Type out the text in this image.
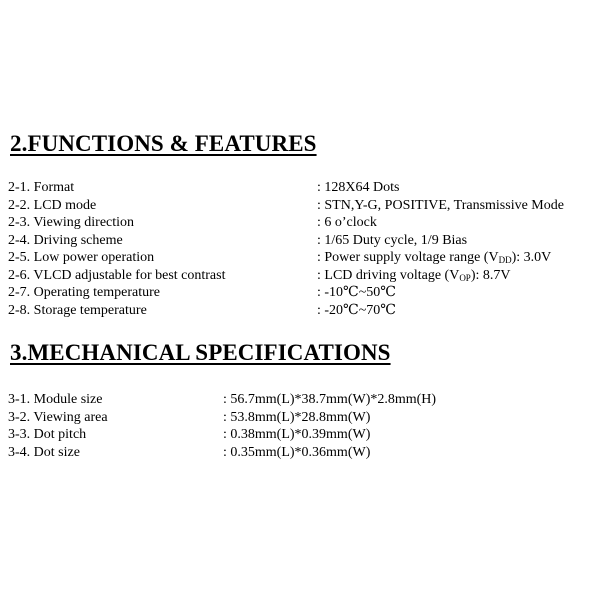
2.FUNCTIONS & FEATURES
2-1. Format	: 128X64 Dots
2-2. LCD mode	: STN,Y-G, POSITIVE, Transmissive Mode
2-3. Viewing direction	: 6 o’clock
2-4. Driving scheme	: 1/65 Duty cycle, 1/9 Bias
2-5. Low power operation	: Power supply voltage range $(V_{DD})$: 3.0V
2-6. VLCD adjustable for best contrast	: LCD driving voltage $(V_{OP})$: 8.7V
2-7. Operating temperature	: -10℃~50℃
2-8. Storage temperature	: -20℃~70℃
3.MECHANICAL SPECIFICATIONS
3-1. Module size	: 56.7mm(L)*38.7mm(W)*2.8mm(H)
3-2. Viewing area	: 53.8mm(L)*28.8mm(W)
3-3. Dot pitch	: 0.38mm(L)*0.39mm(W)
3-4. Dot size	: 0.35mm(L)*0.36mm(W)
